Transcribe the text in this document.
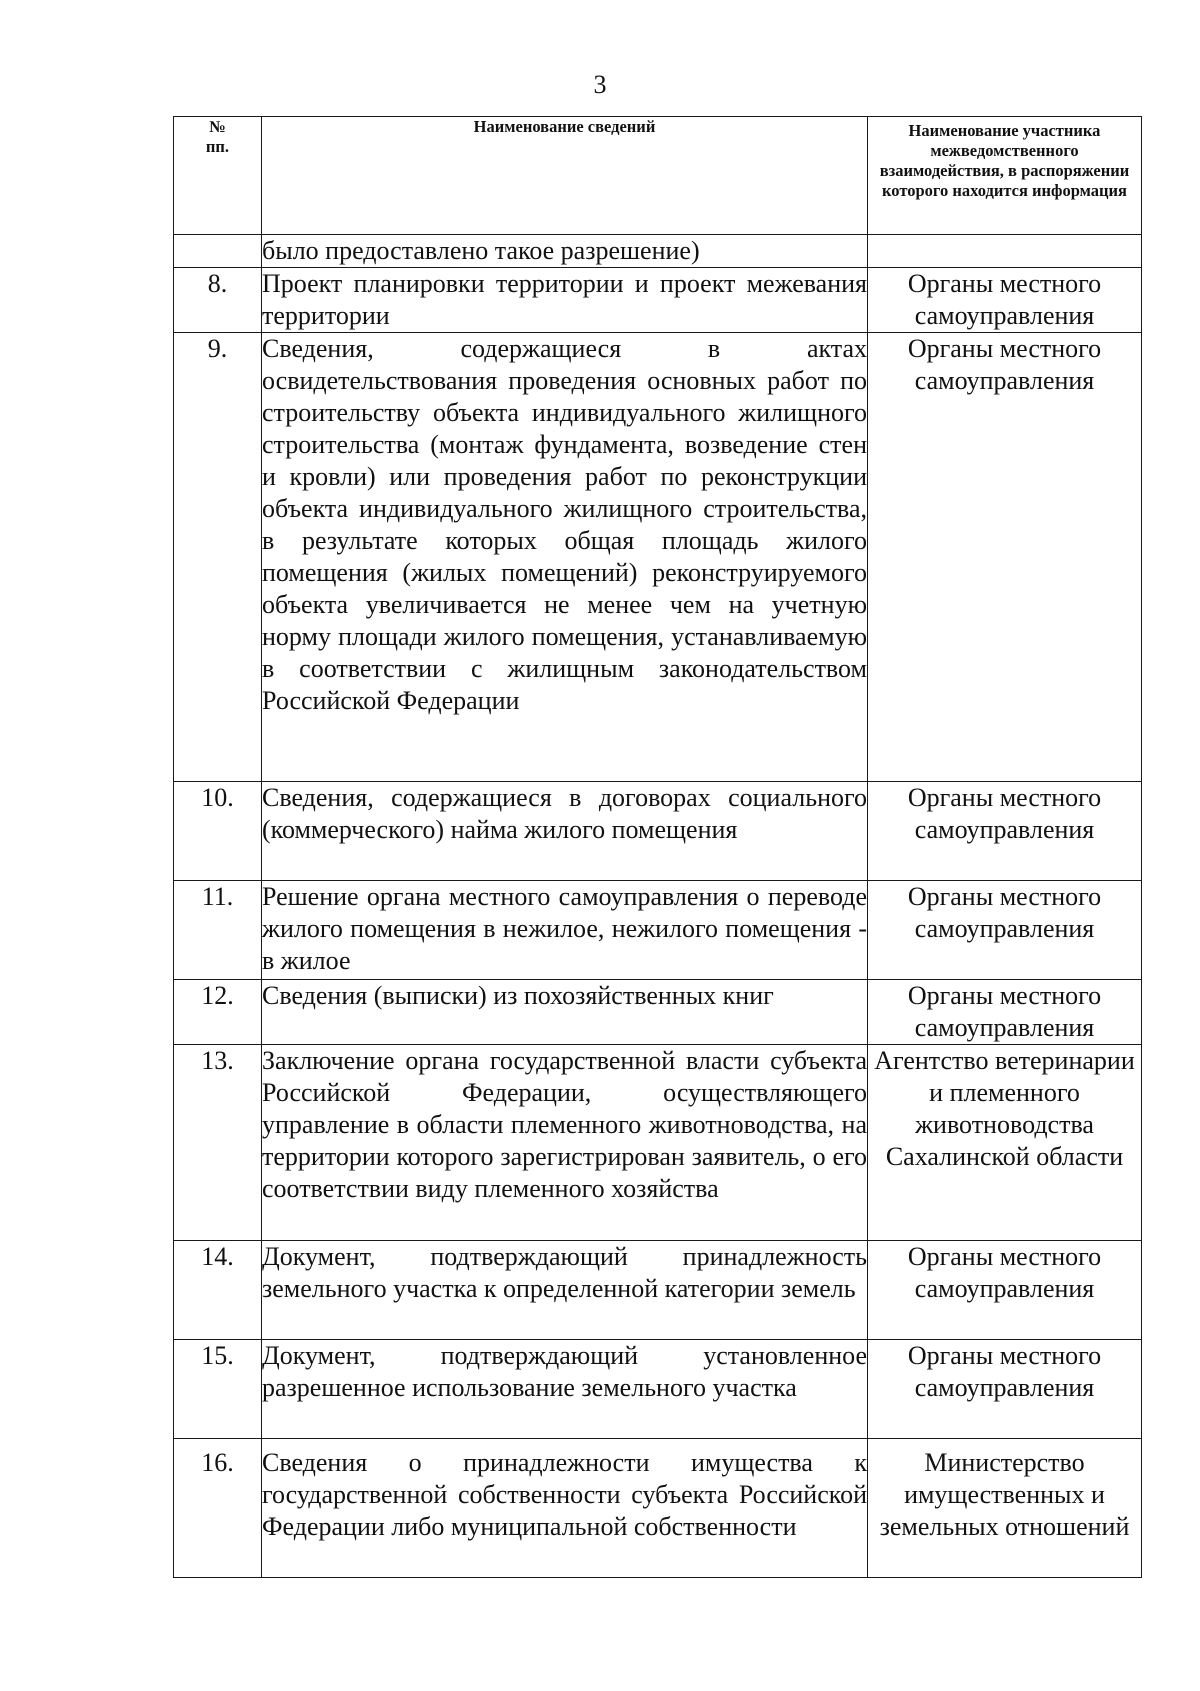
3
№
пп.	Наименование сведений	Наименование участника межведомственного взаимодействия, в распоряжении которого находится информация
	было предоставлено такое разрешение)	
8.	Проект планировки территории и проект межевания территории	Органы местного самоуправления
9.	Сведения, содержащиеся в актах освидетельствования проведения основных работ по строительству объекта индивидуального жилищного строительства (монтаж фундамента, возведение стен и кровли) или проведения работ по реконструкции объекта индивидуального жилищного строительства, в результате которых общая площадь жилого помещения (жилых помещений) реконструируемого объекта увеличивается не менее чем на учетную норму площади жилого помещения, устанавливаемую в соответствии с жилищным законодательством Российской Федерации	Органы местного самоуправления
10.	Сведения, содержащиеся в договорах социального (коммерческого) найма жилого помещения	Органы местного самоуправления
11.	Решение органа местного самоуправления о переводе жилого помещения в нежилое, нежилого помещения - в жилое	Органы местного самоуправления
12.	Сведения (выписки) из похозяйственных книг	Органы местного самоуправления
13.	Заключение органа государственной власти субъекта Российской Федерации, осуществляющего управление в области племенного животноводства, на территории которого зарегистрирован заявитель, о его соответствии виду племенного хозяйства	Агентство ветеринарии и племенного животноводства Сахалинской области
14.	Документ, подтверждающий принадлежность земельного участка к определенной категории земель	Органы местного самоуправления
15.	Документ, подтверждающий установленное разрешенное использование земельного участка	Органы местного самоуправления
16.	Сведения о принадлежности имущества к государственной собственности субъекта Российской Федерации либо муниципальной собственности	Министерство имущественных и земельных отношений
